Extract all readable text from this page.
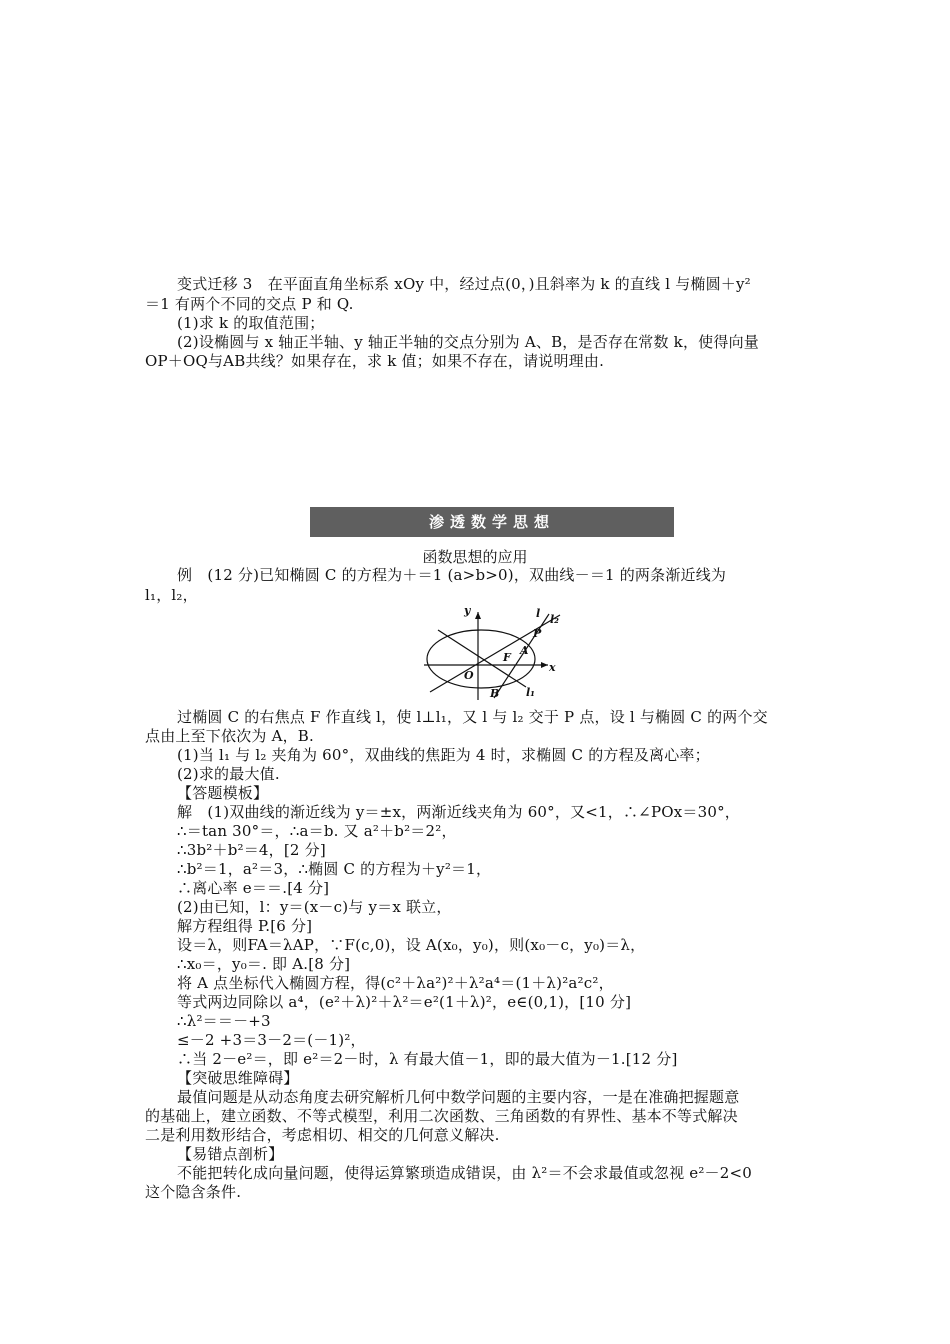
变式迁移 3　在平面直角坐标系 xOy 中，经过点(0，)且斜率为 k 的直线 l 与椭圆＋y²
＝1 有两个不同的交点 P 和 Q.
(1)求 k 的取值范围；
(2)设椭圆与 x 轴正半轴、y 轴正半轴的交点分别为 A、B，是否存在常数 k，使得向量
OP＋OQ与AB共线？如果存在，求 k 值；如果不存在，请说明理由.
渗透数学思想
函数思想的应用
例　(12 分)已知椭圆 C 的方程为＋＝1 (a>b>0)，双曲线－＝1 的两条渐近线为
l₁，l₂，
y
x
O
F
A
P
B
l l₂
l₁
过椭圆 C 的右焦点 F 作直线 l，使 l⊥l₁，又 l 与 l₂ 交于 P 点，设 l 与椭圆 C 的两个交
点由上至下依次为 A，B.
(1)当 l₁ 与 l₂ 夹角为 60°，双曲线的焦距为 4 时，求椭圆 C 的方程及离心率；
(2)求的最大值.
【答题模板】
解　(1)双曲线的渐近线为 y＝±x，两渐近线夹角为 60°，又<1，∴∠POx＝30°，
∴＝tan 30°＝，∴a＝b. 又 a²＋b²＝2²，
∴3b²＋b²＝4，[2 分]
∴b²＝1，a²＝3，∴椭圆 C 的方程为＋y²＝1，
∴离心率 e＝＝.[4 分]
(2)由已知，l：y＝(x－c)与 y＝x 联立，
解方程组得 P.[6 分]
设＝λ，则FA＝λAP，∵F(c,0)，设 A(x₀，y₀)，则(x₀－c，y₀)＝λ，
∴x₀＝，y₀＝. 即 A.[8 分]
将 A 点坐标代入椭圆方程，得(c²＋λa²)²＋λ²a⁴＝(1＋λ)²a²c²，
等式两边同除以 a⁴，(e²＋λ)²＋λ²＝e²(1＋λ)²，e∈(0,1)，[10 分]
∴λ²＝＝－+3
≤－2 +3＝3－2＝(－1)²，
∴当 2－e²＝，即 e²＝2－时，λ 有最大值－1，即的最大值为－1.[12 分]
【突破思维障碍】
最值问题是从动态角度去研究解析几何中数学问题的主要内容，一是在准确把握题意
的基础上，建立函数、不等式模型，利用二次函数、三角函数的有界性、基本不等式解决
二是利用数形结合，考虑相切、相交的几何意义解决.
【易错点剖析】
不能把转化成向量问题，使得运算繁琐造成错误，由 λ²＝不会求最值或忽视 e²－2<0
这个隐含条件.
